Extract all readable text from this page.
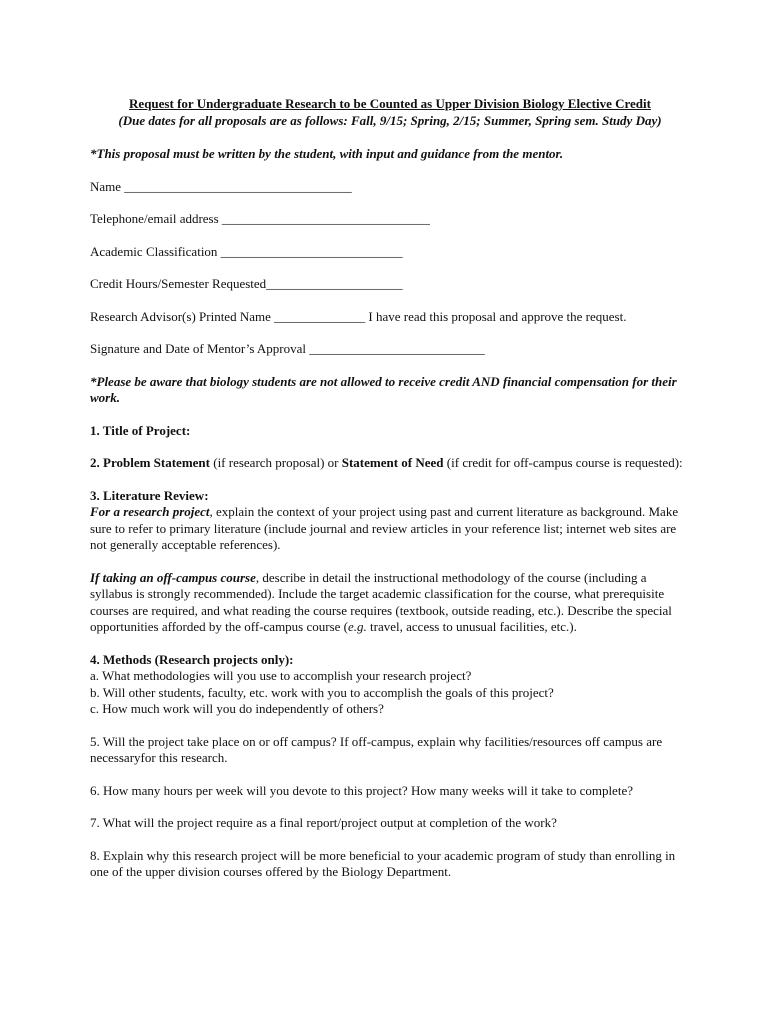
Request for Undergraduate Research to be Counted as Upper Division Biology Elective Credit

(Due dates for all proposals are as follows: Fall, 9/15; Spring, 2/15; Summer, Spring sem. Study Day)

*This proposal must be written by the student, with input and guidance from the mentor.

Name ___________________________________

Telephone/email address ________________________________

Academic Classification ____________________________

Credit Hours/Semester Requested_____________________

Research Advisor(s) Printed Name ______________ I have read this proposal and approve the request.

Signature and Date of Mentor’s Approval ___________________________

*Please be aware that biology students are not allowed to receive credit AND financial compensation for their work.

1. Title of Project:

2. Problem Statement (if research proposal) or Statement of Need (if credit for off-campus course is requested):

3. Literature Review:

For a research project, explain the context of your project using past and current literature as background. Make sure to refer to primary literature (include journal and review articles in your reference list; internet web sites are not generally acceptable references).

If taking an off-campus course, describe in detail the instructional methodology of the course (including a syllabus is strongly recommended). Include the target academic classification for the course, what prerequisite courses are required, and what reading the course requires (textbook, outside reading, etc.). Describe the special opportunities afforded by the off-campus course (e.g. travel, access to unusual facilities, etc.).

4. Methods (Research projects only):

a. What methodologies will you use to accomplish your research project?

b. Will other students, faculty, etc. work with you to accomplish the goals of this project?

c. How much work will you do independently of others?

5. Will the project take place on or off campus? If off-campus, explain why facilities/resources off campus are necessaryfor this research.

6. How many hours per week will you devote to this project? How many weeks will it take to complete?

7. What will the project require as a final report/project output at completion of the work?

8. Explain why this research project will be more beneficial to your academic program of study than enrolling in one of the upper division courses offered by the Biology Department.
